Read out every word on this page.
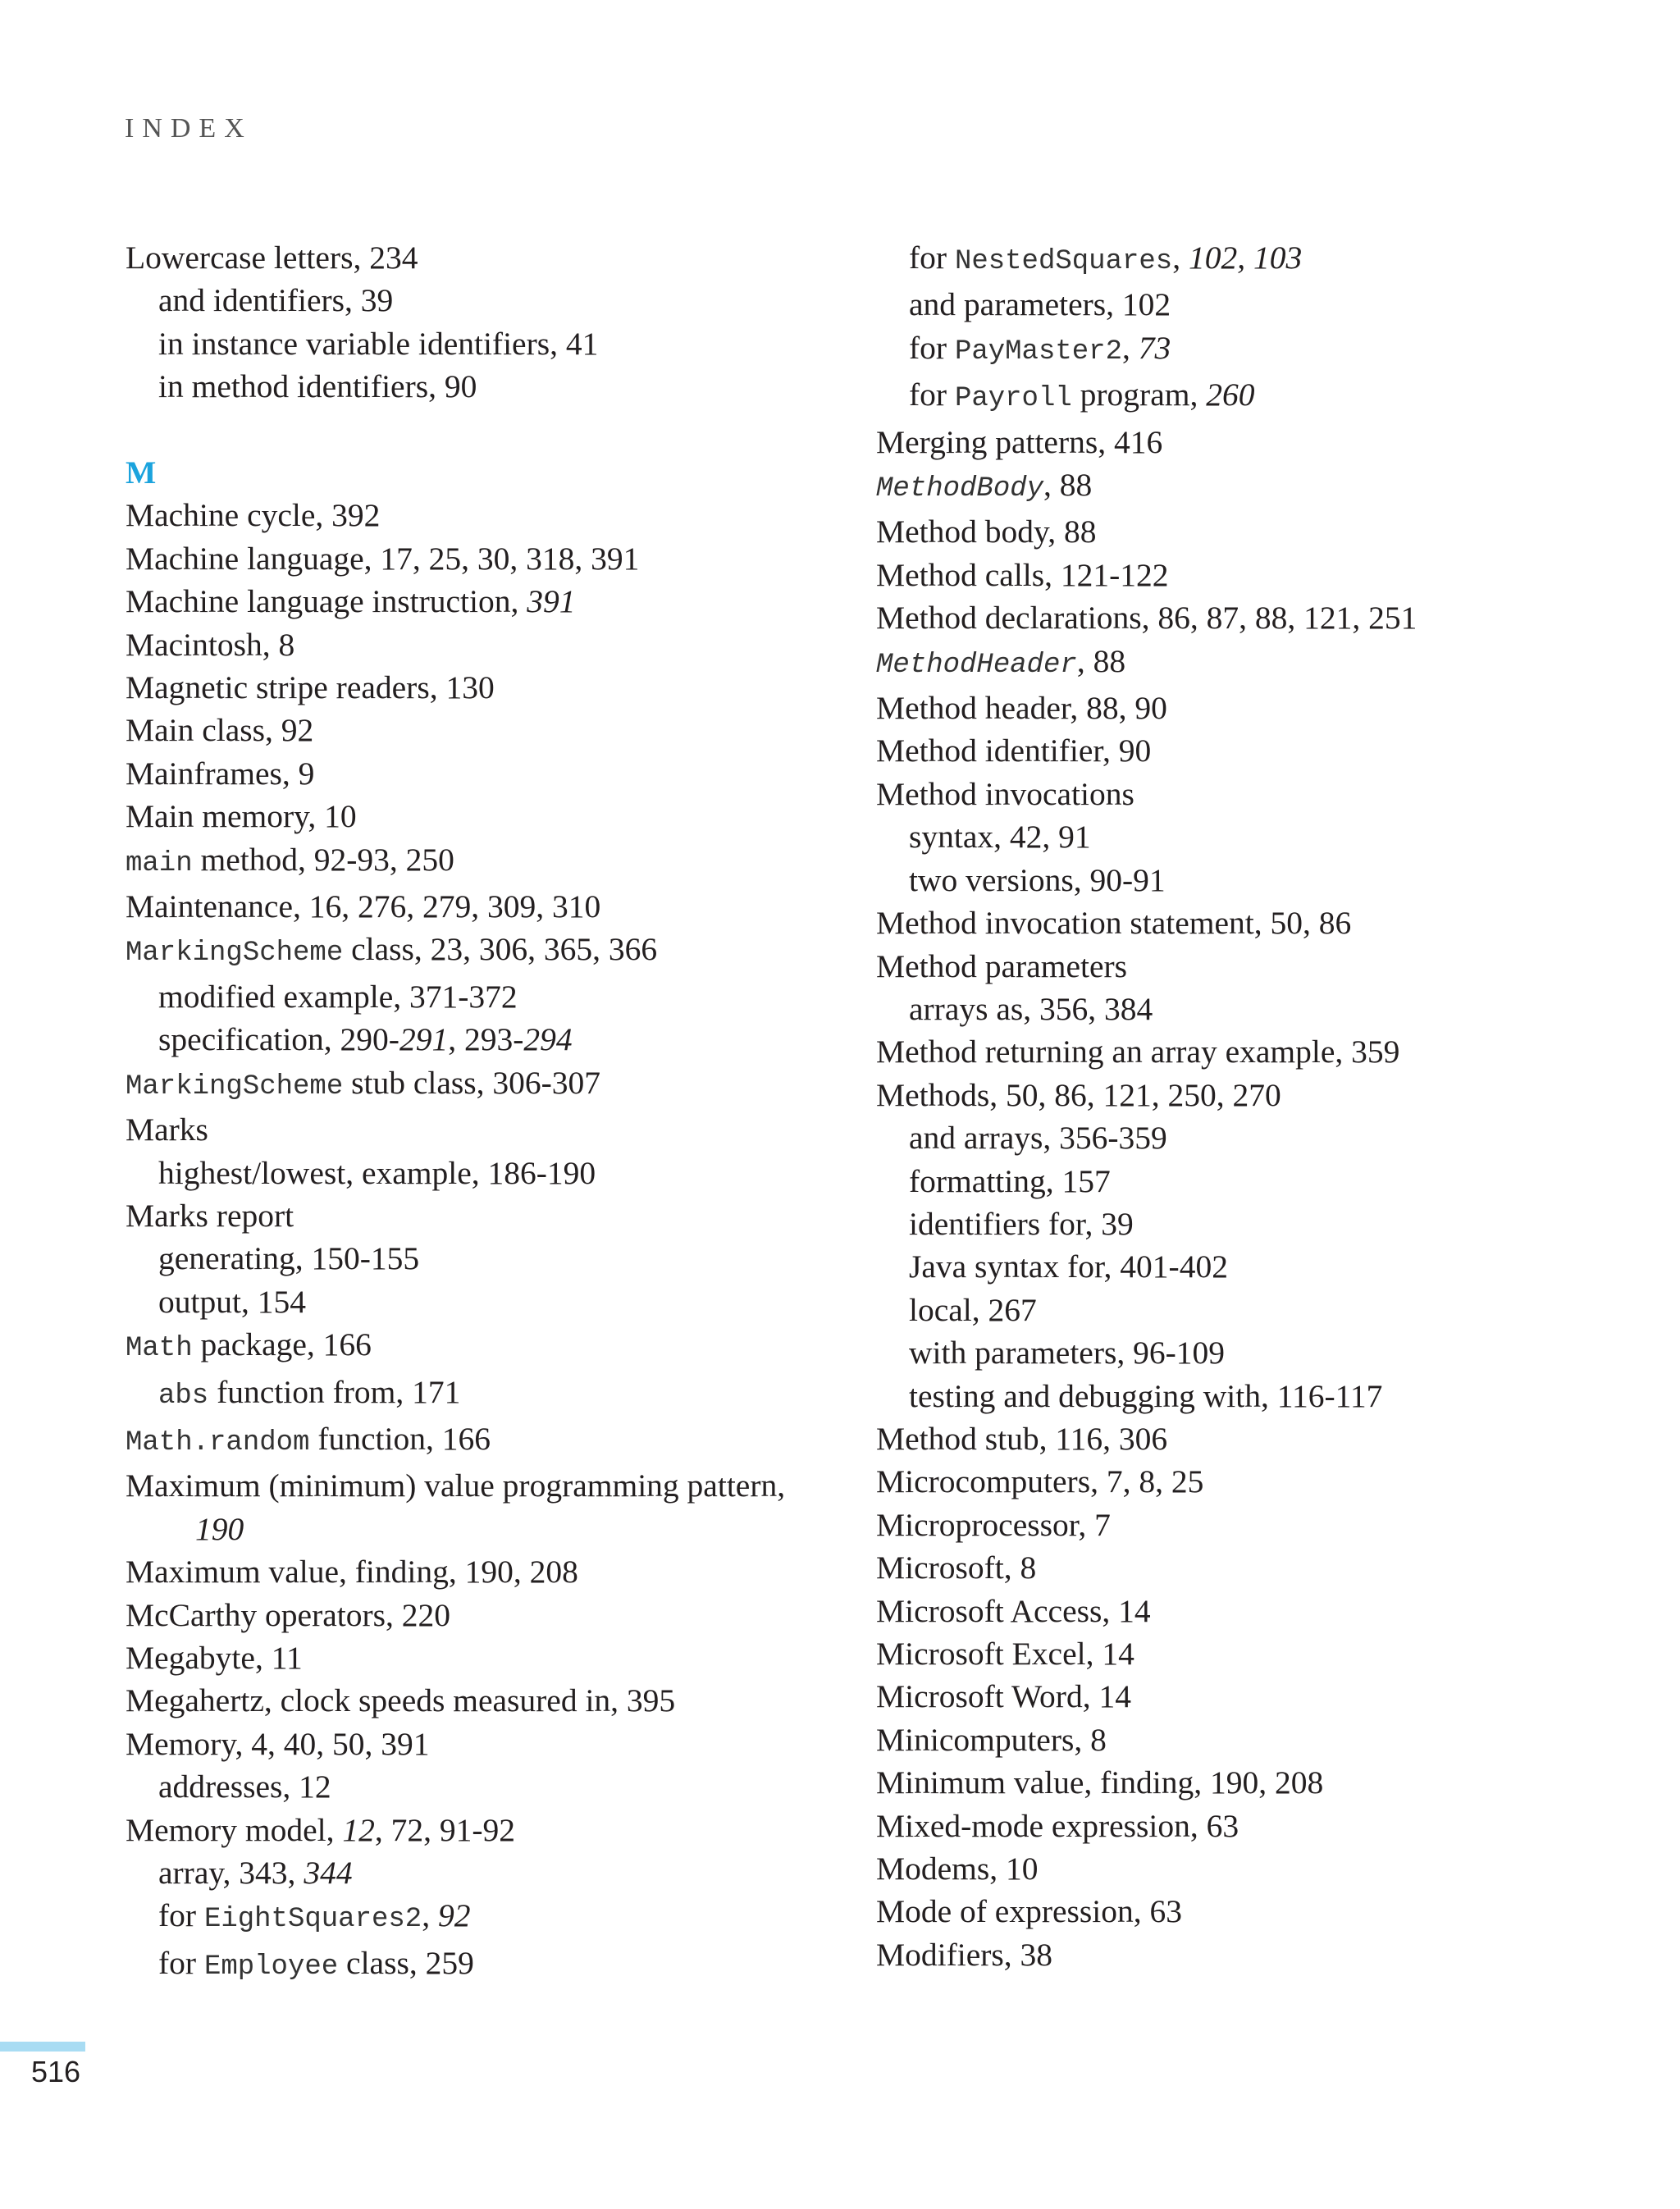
INDEX
Lowercase letters, 234
and identifiers, 39
in instance variable identifiers, 41
in method identifiers, 90
M
Machine cycle, 392
Machine language, 17, 25, 30, 318, 391
Machine language instruction, 391
Macintosh, 8
Magnetic stripe readers, 130
Main class, 92
Mainframes, 9
Main memory, 10
main method, 92-93, 250
Maintenance, 16, 276, 279, 309, 310
MarkingScheme class, 23, 306, 365, 366
modified example, 371-372
specification, 290-291, 293-294
MarkingScheme stub class, 306-307
Marks
highest/lowest, example, 186-190
Marks report
generating, 150-155
output, 154
Math package, 166
abs function from, 171
Math.random function, 166
Maximum (minimum) value programming pattern,
190
Maximum value, finding, 190, 208
McCarthy operators, 220
Megabyte, 11
Megahertz, clock speeds measured in, 395
Memory, 4, 40, 50, 391
addresses, 12
Memory model, 12, 72, 91-92
array, 343, 344
for EightSquares2, 92
for Employee class, 259
for NestedSquares, 102, 103
and parameters, 102
for PayMaster2, 73
for Payroll program, 260
Merging patterns, 416
MethodBody, 88
Method body, 88
Method calls, 121-122
Method declarations, 86, 87, 88, 121, 251
MethodHeader, 88
Method header, 88, 90
Method identifier, 90
Method invocations
syntax, 42, 91
two versions, 90-91
Method invocation statement, 50, 86
Method parameters
arrays as, 356, 384
Method returning an array example, 359
Methods, 50, 86, 121, 250, 270
and arrays, 356-359
formatting, 157
identifiers for, 39
Java syntax for, 401-402
local, 267
with parameters, 96-109
testing and debugging with, 116-117
Method stub, 116, 306
Microcomputers, 7, 8, 25
Microprocessor, 7
Microsoft, 8
Microsoft Access, 14
Microsoft Excel, 14
Microsoft Word, 14
Minicomputers, 8
Minimum value, finding, 190, 208
Mixed-mode expression, 63
Modems, 10
Mode of expression, 63
Modifiers, 38
516
